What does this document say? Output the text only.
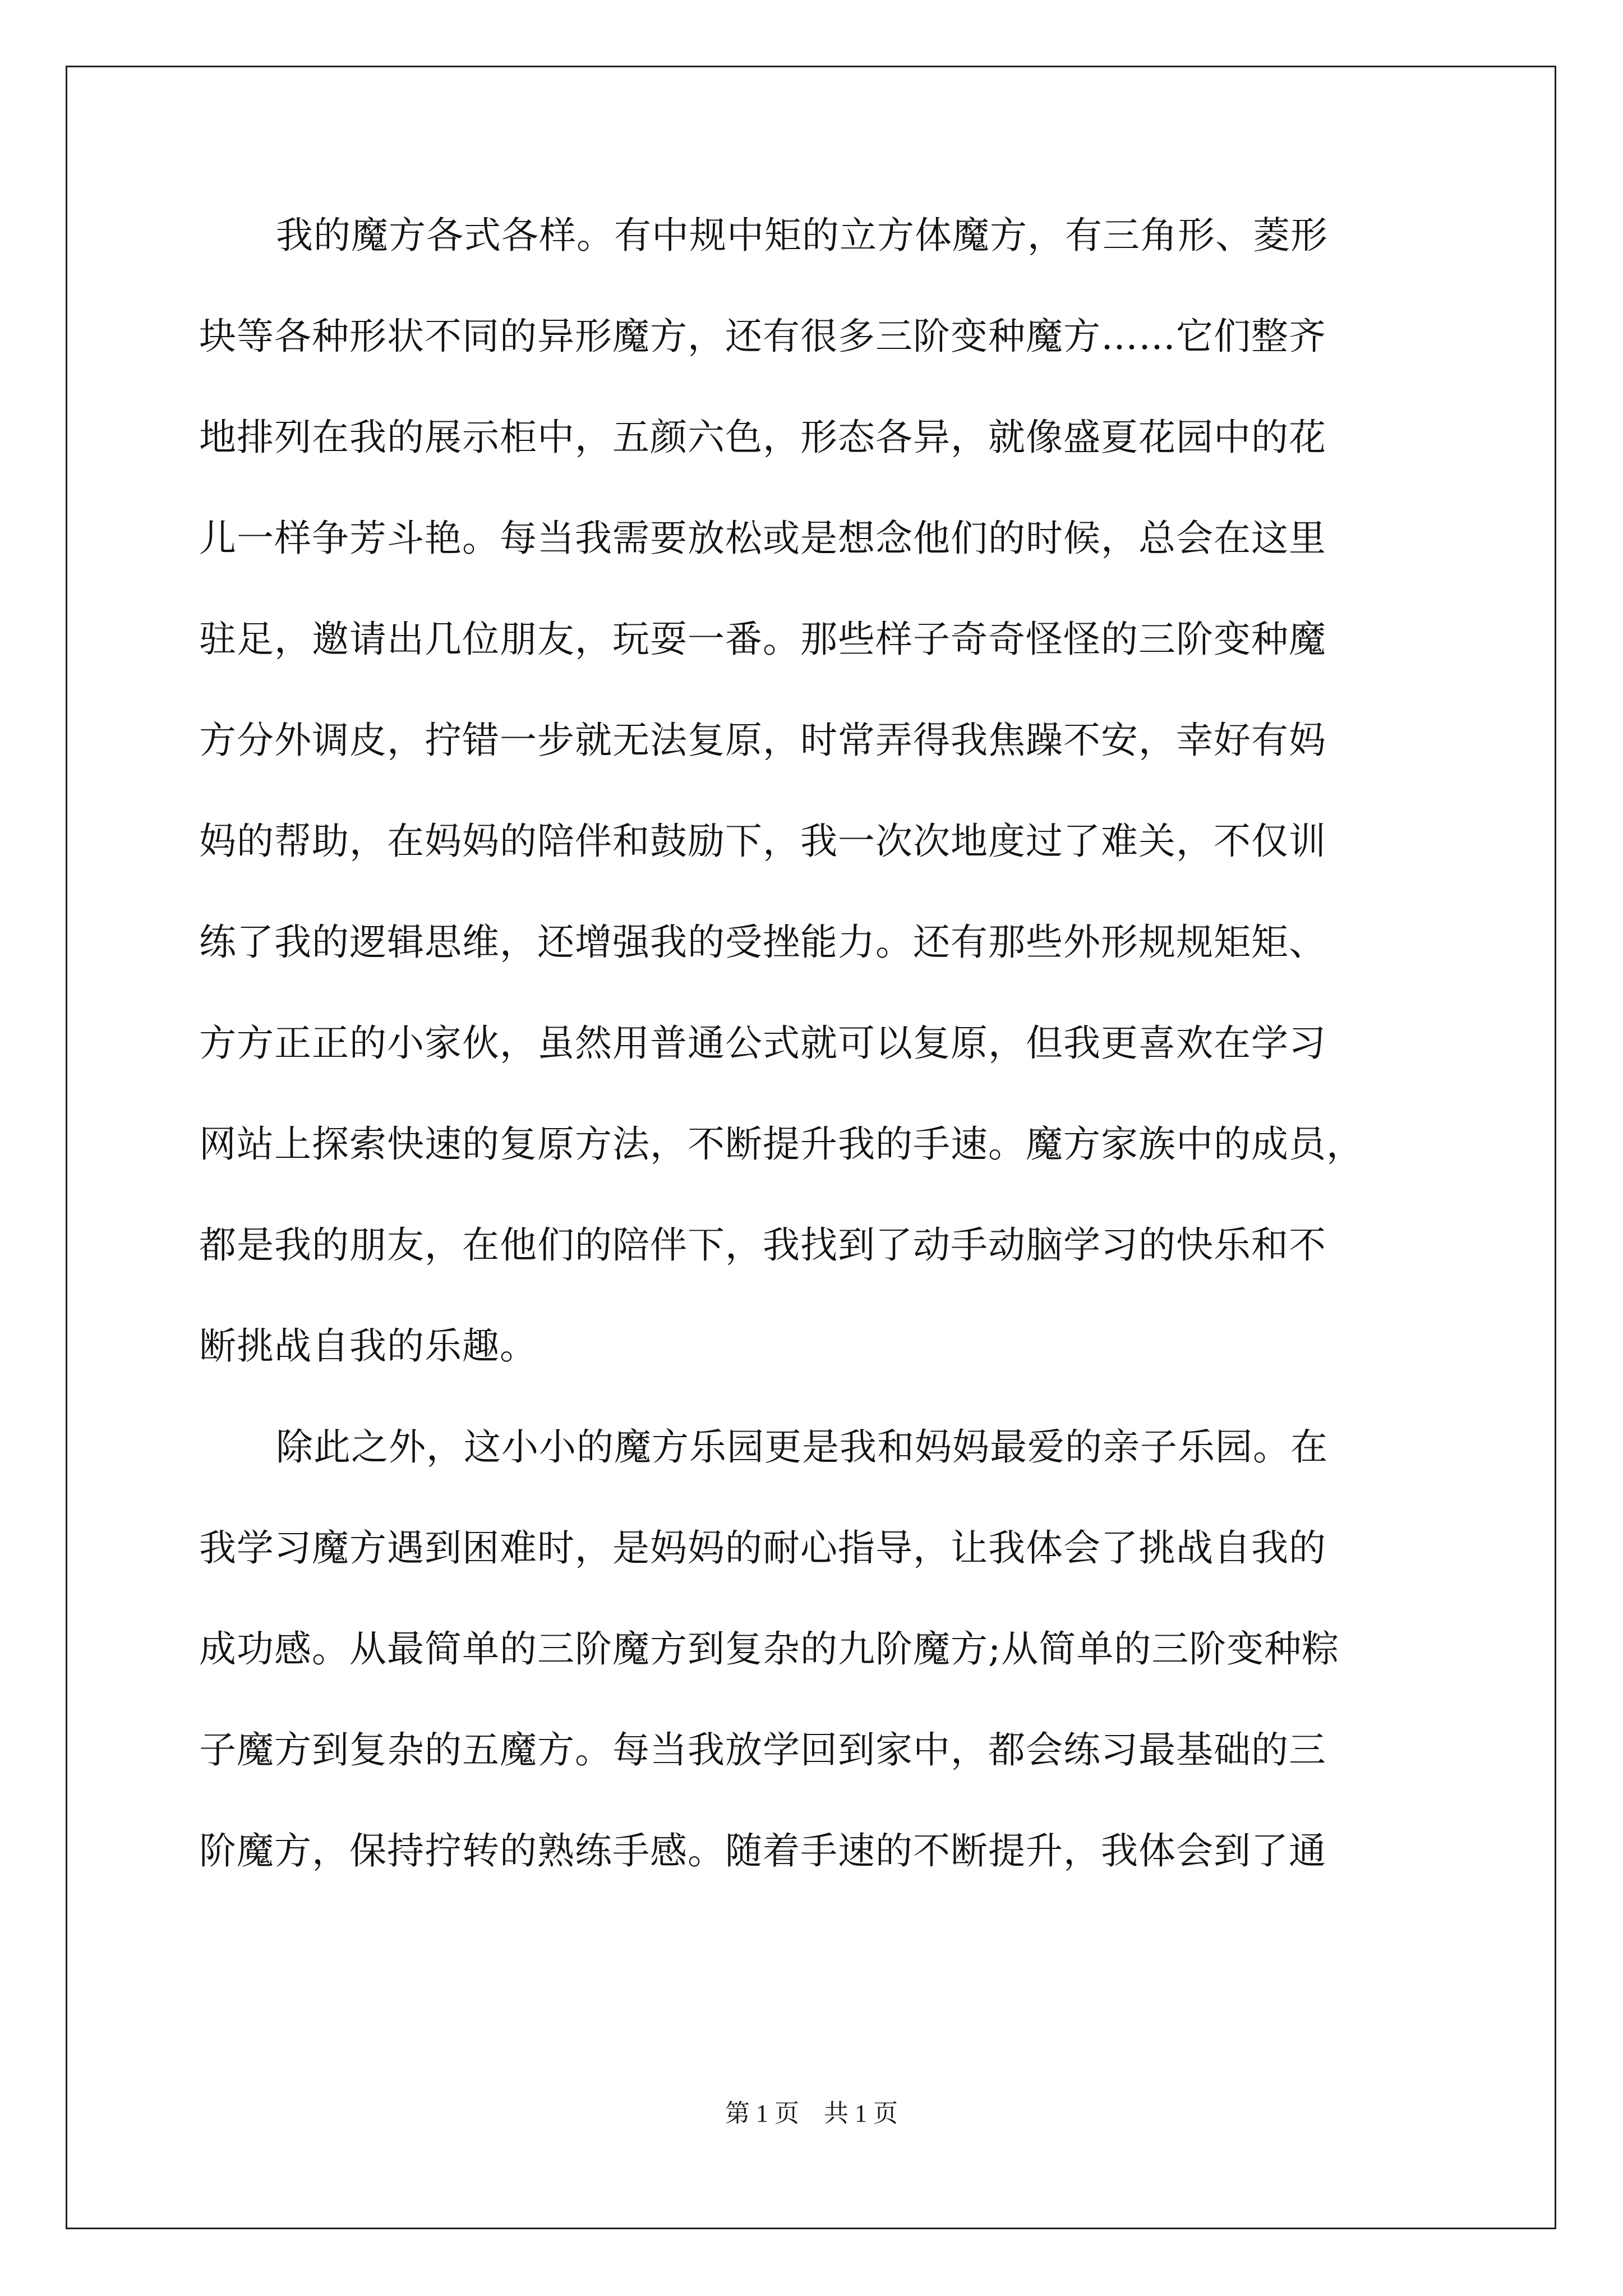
我的魔方各式各样。有中规中矩的立方体魔方，有三角形、菱形
块等各种形状不同的异形魔方，还有很多三阶变种魔方……它们整齐
地排列在我的展示柜中，五颜六色，形态各异，就像盛夏花园中的花
儿一样争芳斗艳。每当我需要放松或是想念他们的时候，总会在这里
驻足，邀请出几位朋友，玩耍一番。那些样子奇奇怪怪的三阶变种魔
方分外调皮，拧错一步就无法复原，时常弄得我焦躁不安，幸好有妈
妈的帮助，在妈妈的陪伴和鼓励下，我一次次地度过了难关，不仅训
练了我的逻辑思维，还增强我的受挫能力。还有那些外形规规矩矩、
方方正正的小家伙，虽然用普通公式就可以复原，但我更喜欢在学习
网站上探索快速的复原方法，不断提升我的手速。魔方家族中的成员，
都是我的朋友，在他们的陪伴下，我找到了动手动脑学习的快乐和不
断挑战自我的乐趣。
除此之外，这小小的魔方乐园更是我和妈妈最爱的亲子乐园。在
我学习魔方遇到困难时，是妈妈的耐心指导，让我体会了挑战自我的
成功感。从最简单的三阶魔方到复杂的九阶魔方;从简单的三阶变种粽
子魔方到复杂的五魔方。每当我放学回到家中，都会练习最基础的三
阶魔方，保持拧转的熟练手感。随着手速的不断提升，我体会到了通
第 1 页    共 1 页
